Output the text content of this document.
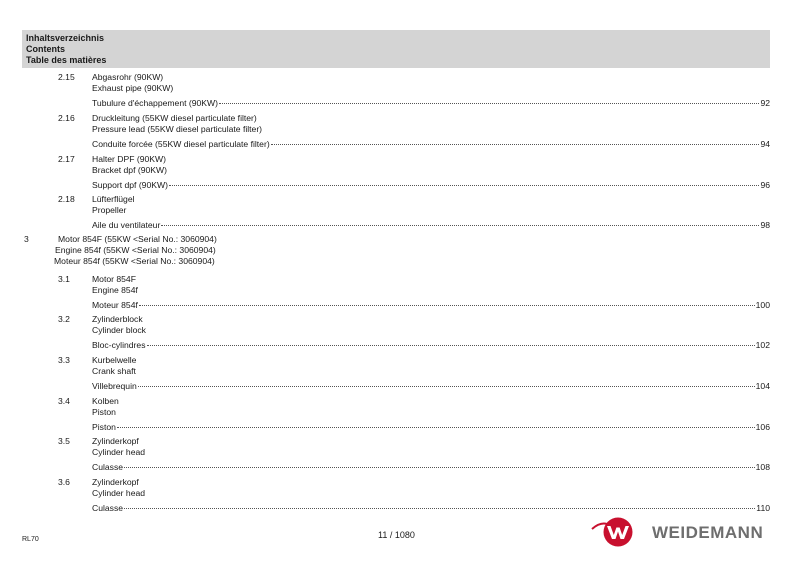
Inhaltsverzeichnis
Contents
Table des matières
2.15 Abgasrohr (90KW)
Exhaust pipe (90KW)
Tubulure d'échappement (90KW)	92
2.16 Druckleitung (55KW diesel particulate filter)
Pressure lead (55KW diesel particulate filter)
Conduite forcée (55KW diesel particulate filter)	94
2.17 Halter DPF (90KW)
Bracket dpf (90KW)
Support dpf (90KW)	96
2.18 Lüfterflügel
Propeller
Aile du ventilateur	98
3	Motor 854F (55KW <Serial No.: 3060904)
Engine 854f (55KW <Serial No.: 3060904)
Moteur 854f (55KW <Serial No.: 3060904)
3.1	Motor 854F
Engine 854f
Moteur 854f	100
3.2	Zylinderblock
Cylinder block
Bloc-cylindres	102
3.3	Kurbelwelle
Crank shaft
Villebrequin	104
3.4	Kolben
Piston
Piston	106
3.5	Zylinderkopf
Cylinder head
Culasse	108
3.6	Zylinderkopf
Cylinder head
Culasse	110
RL70	11 / 1080	WEIDEMANN
